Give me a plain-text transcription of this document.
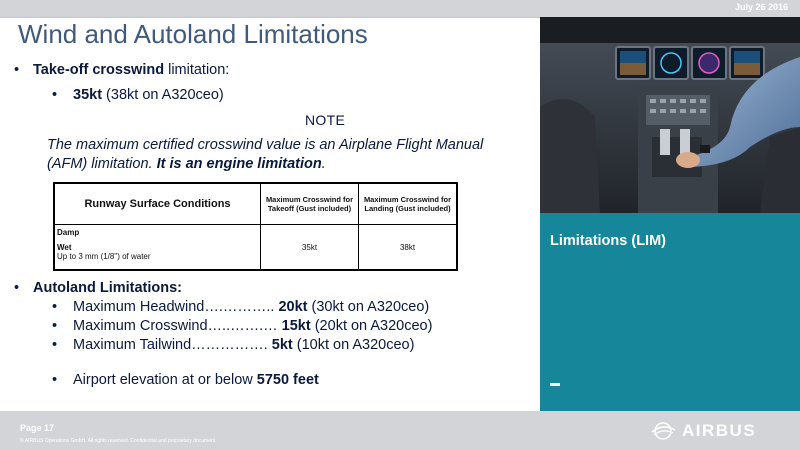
July 26 2016
Wind and Autoland Limitations
• Take-off crosswind limitation:
• 35kt (38kt on A320ceo)
NOTE
The maximum certified crosswind value is an Airplane Flight Manual (AFM) limitation. It is an engine limitation.
Runway Surface Conditions	Maximum Crosswind for Takeoff (Gust included)	Maximum Crosswind for Landing (Gust included)

Damp
Wet
Up to 3 mm (1/8") of water	35kt	38kt
• Autoland Limitations:
• Maximum Headwind….……….. 20kt (30kt on A320ceo)
• Maximum Crosswind…..…….… 15kt (20kt on A320ceo)
• Maximum Tailwind……………. 5kt (10kt on A320ceo)
• Airport elevation at or below 5750 feet
Limitations (LIM)
Page 17
© AIRBUS Operations GmbH. All rights reserved. Confidential and proprietary document.
AIRBUS
